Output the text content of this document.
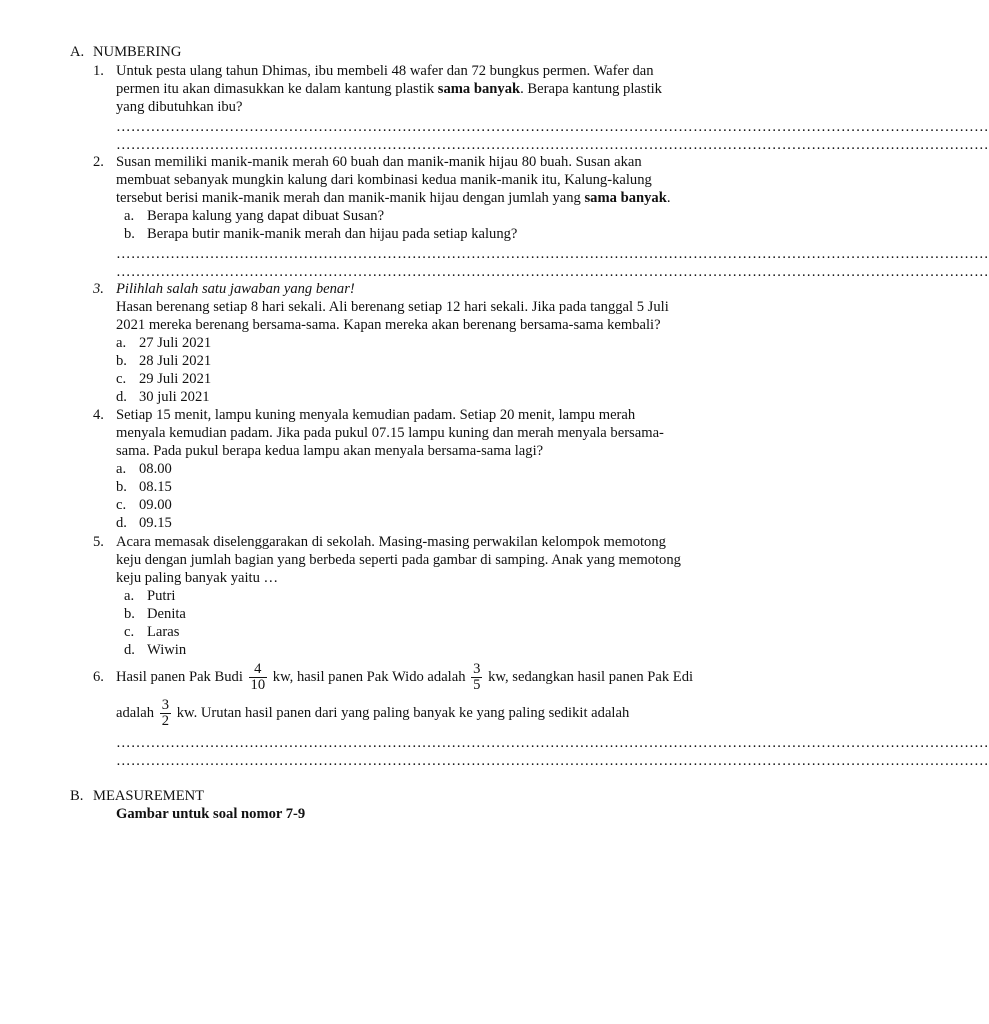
A. NUMBERING
1. Untuk pesta ulang tahun Dhimas, ibu membeli 48 wafer dan 72 bungkus permen. Wafer dan
permen itu akan dimasukkan ke dalam kantung plastik sama banyak. Berapa kantung plastik
yang dibutuhkan ibu?
……………………………………………………………………………………………………………………………………………………………
……………………………………………………………………………………………………………………………………………………………
2. Susan memiliki manik-manik merah 60 buah dan manik-manik hijau 80 buah. Susan akan
membuat sebanyak mungkin kalung dari kombinasi kedua manik-manik itu, Kalung-kalung
tersebut berisi manik-manik merah dan manik-manik hijau dengan jumlah yang sama banyak.
a. Berapa kalung yang dapat dibuat Susan?
b. Berapa butir manik-manik merah dan hijau pada setiap kalung?
……………………………………………………………………………………………………………………………………………………………
……………………………………………………………………………………………………………………………………………………………
3. Pilihlah salah satu jawaban yang benar!
Hasan berenang setiap 8 hari sekali. Ali berenang setiap 12 hari sekali. Jika pada tanggal 5 Juli
2021 mereka berenang bersama-sama. Kapan mereka akan berenang bersama-sama kembali?
a. 27 Juli 2021
b. 28 Juli 2021
c. 29 Juli 2021
d. 30 juli 2021
4. Setiap 15 menit, lampu kuning menyala kemudian padam. Setiap 20 menit, lampu merah
menyala kemudian padam. Jika pada pukul 07.15 lampu kuning dan merah menyala bersama-
sama. Pada pukul berapa kedua lampu akan menyala bersama-sama lagi?
a. 08.00
b. 08.15
c. 09.00
d. 09.15
5. Acara memasak diselenggarakan di sekolah. Masing-masing perwakilan kelompok memotong
keju dengan jumlah bagian yang berbeda seperti pada gambar di samping. Anak yang memotong
keju paling banyak yaitu …
a. Putri
b. Denita
c. Laras
d. Wiwin
6. Hasil panen Pak Budi $\frac{4}{10}$ kw, hasil panen Pak Wido adalah $\frac{3}{5}$ kw, sedangkan hasil panen Pak Edi
adalah $\frac{3}{2}$ kw. Urutan hasil panen dari yang paling banyak ke yang paling sedikit adalah
……………………………………………………………………………………………………………………………………………………………
……………………………………………………………………………………………………………………………………………………………
B. MEASUREMENT
Gambar untuk soal nomor 7-9
